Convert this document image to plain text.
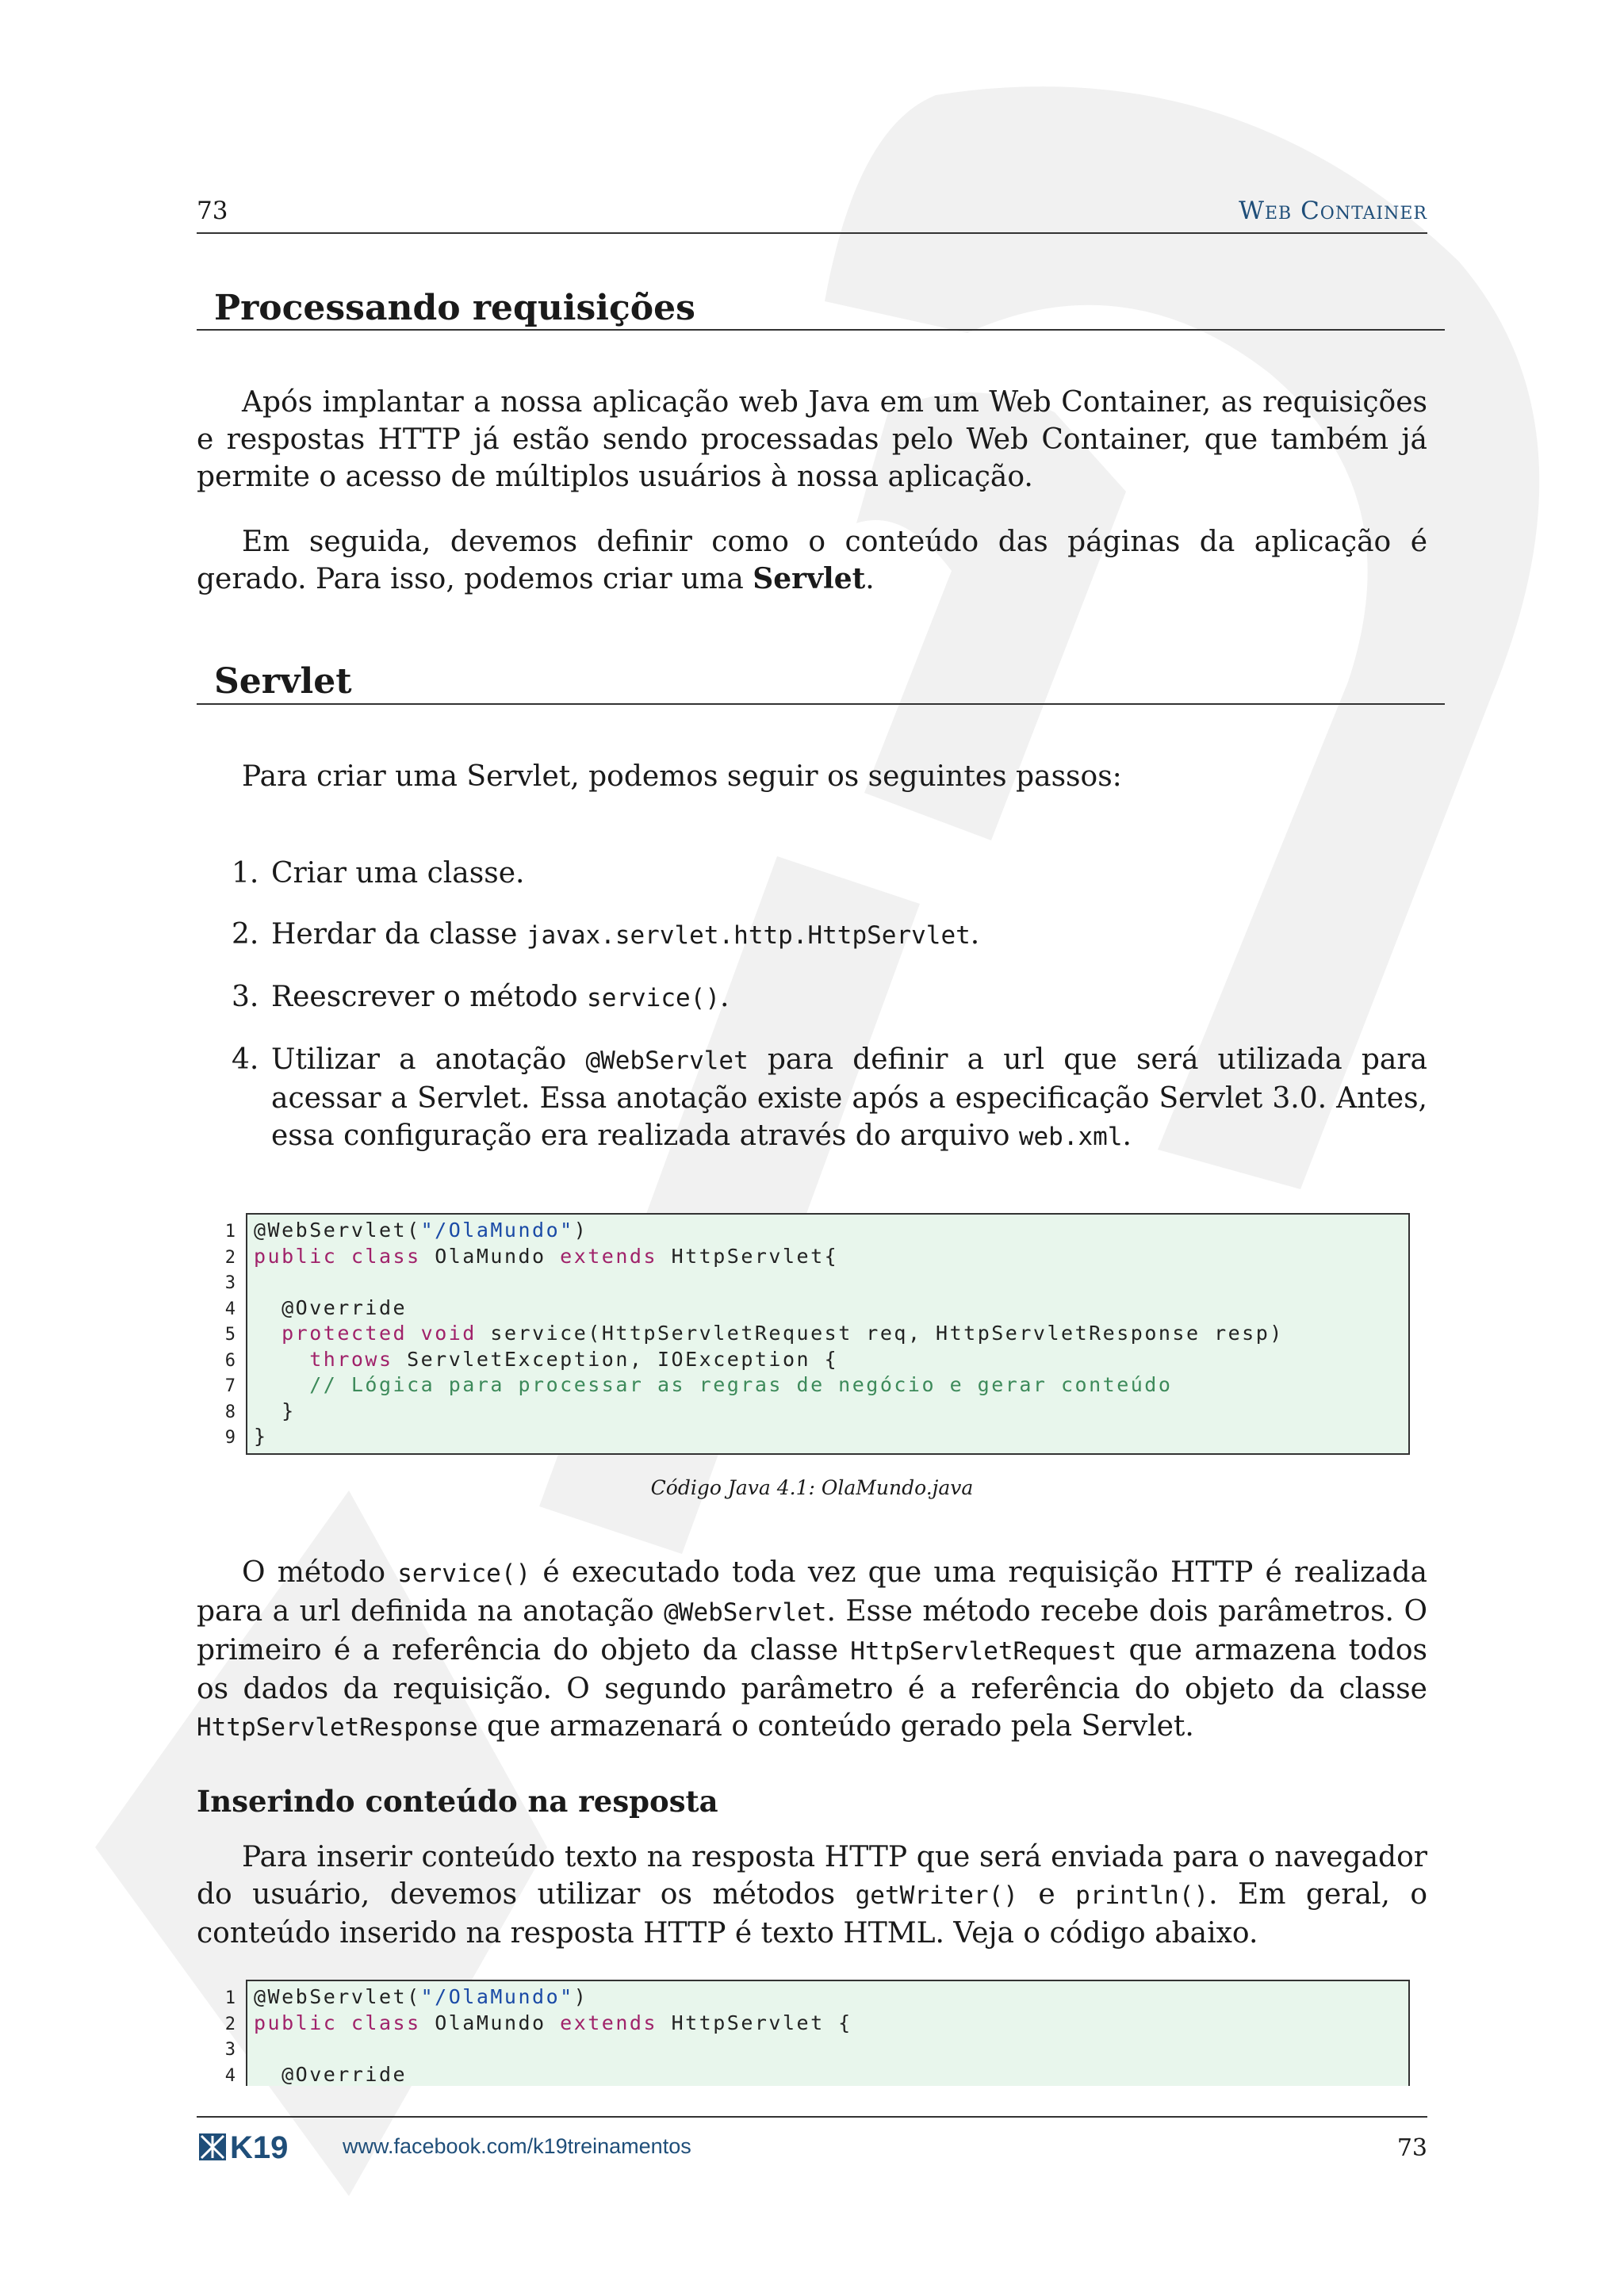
73	Web Container
Processando requisições
Após implantar a nossa aplicação web Java em um Web Container, as requisições e respostas HTTP já estão sendo processadas pelo Web Container, que também já permite o acesso de múltiplos usuários à nossa aplicação.
Em seguida, devemos definir como o conteúdo das páginas da aplicação é gerado. Para isso, podemos criar uma Servlet.
Servlet
Para criar uma Servlet, podemos seguir os seguintes passos:
1. Criar uma classe.
2. Herdar da classe javax.servlet.http.HttpServlet.
3. Reescrever o método service().
4. Utilizar a anotação @WebServlet para definir a url que será utilizada para acessar a Servlet. Essa anotação existe após a especificação Servlet 3.0. Antes, essa configuração era realizada através do arquivo web.xml.
1
2
3
4
5
6
7
8
9
@WebServlet("/OlaMundo")
public class OlaMundo extends HttpServlet{

@Override
protected void service(HttpServletRequest req, HttpServletResponse resp)
throws ServletException, IOException {
// Lógica para processar as regras de negócio e gerar conteúdo
}
}
Código Java 4.1: OlaMundo.java
O método service() é executado toda vez que uma requisição HTTP é realizada para a url definida na anotação @WebServlet. Esse método recebe dois parâmetros. O primeiro é a referência do objeto da classe HttpServletRequest que armazena todos os dados da requisição. O segundo parâmetro é a referência do objeto da classe HttpServletResponse que armazenará o conteúdo gerado pela Servlet.
Inserindo conteúdo na resposta
Para inserir conteúdo texto na resposta HTTP que será enviada para o navegador do usuário, devemos utilizar os métodos getWriter() e println(). Em geral, o conteúdo inserido na resposta HTTP é texto HTML. Veja o código abaixo.
1
2
3
4
@WebServlet("/OlaMundo")
public class OlaMundo extends HttpServlet {

@Override
K19	www.facebook.com/k19treinamentos	73
